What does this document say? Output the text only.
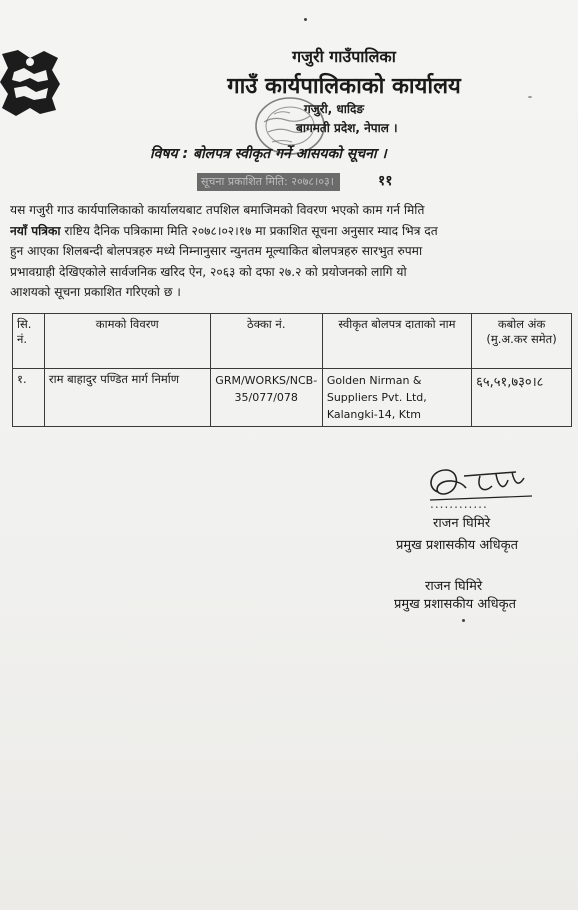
गजुरी गाउँपालिका
गाउँ कार्यपालिकाको कार्यालय
गजुरी, धादिङ
बागमती प्रदेश, नेपाल ।
विषय : बोलपत्र स्वीकृत गर्ने आसयको सूचना ।
सूचना प्रकाशित मिति: २०७८।०३।	११
यस गजुरी गाउ कार्यपालिकाको कार्यालयबाट तपशिल बमाजिमको विवरण भएको काम गर्न मिति
नयाँ पत्रिका राष्टिय दैनिक पत्रिकामा मिति २०७८।०२।१७ मा प्रकाशित सूचना अनुसार म्याद भित्र दत
हुन आएका शिलबन्दी बोलपत्रहरु मध्ये निम्नानुसार न्युनतम मूल्याकित बोलपत्रहरु सारभुत रुपमा
प्रभावग्राही देखिएकोले सार्वजनिक खरिद ऐन, २०६३ को दफा २७.२ को प्रयोजनको लागि यो
आशयको सूचना प्रकाशित गरिएको छ ।
सि. नं.	कामको विवरण	ठेक्का नं.	स्वीकृत बोलपत्र दाताको नाम	कबोल अंक (मु.अ.कर समेत)
१.	राम बाहादुर पण्डित मार्ग निर्माण	GRM/WORKS/NCB-35/077/078	Golden Nirman & Suppliers Pvt. Ltd, Kalangki-14, Ktm	६५,५१,७३०।८
............
राजन घिमिरे
प्रमुख प्रशासकीय अधिकृत
राजन घिमिरे
प्रमुख प्रशासकीय अधिकृत
